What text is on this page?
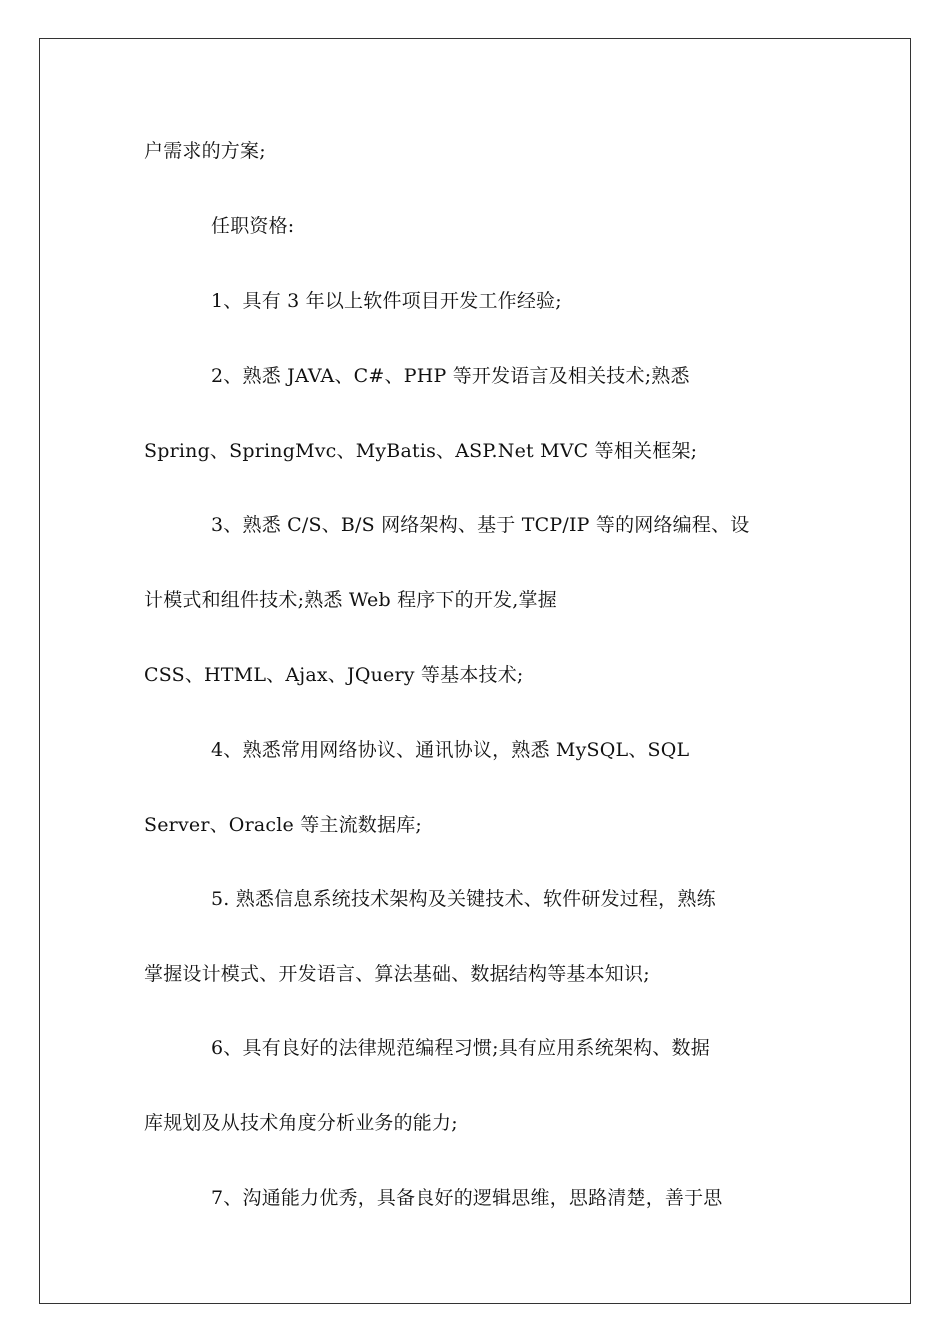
户需求的方案;
任职资格:
1、具有 3 年以上软件项目开发工作经验;
2、熟悉 JAVA、C#、PHP 等开发语言及相关技术;熟悉
Spring、SpringMvc、MyBatis、ASP.Net MVC 等相关框架;
3、熟悉 C/S、B/S 网络架构、基于 TCP/IP 等的网络编程、设
计模式和组件技术;熟悉 Web 程序下的开发,掌握
CSS、HTML、Ajax、JQuery 等基本技术;
4、熟悉常用网络协议、通讯协议，熟悉 MySQL、SQL
Server、Oracle 等主流数据库;
5. 熟悉信息系统技术架构及关键技术、软件研发过程，熟练
掌握设计模式、开发语言、算法基础、数据结构等基本知识;
6、具有良好的法律规范编程习惯;具有应用系统架构、数据
库规划及从技术角度分析业务的能力;
7、沟通能力优秀，具备良好的逻辑思维，思路清楚，善于思
